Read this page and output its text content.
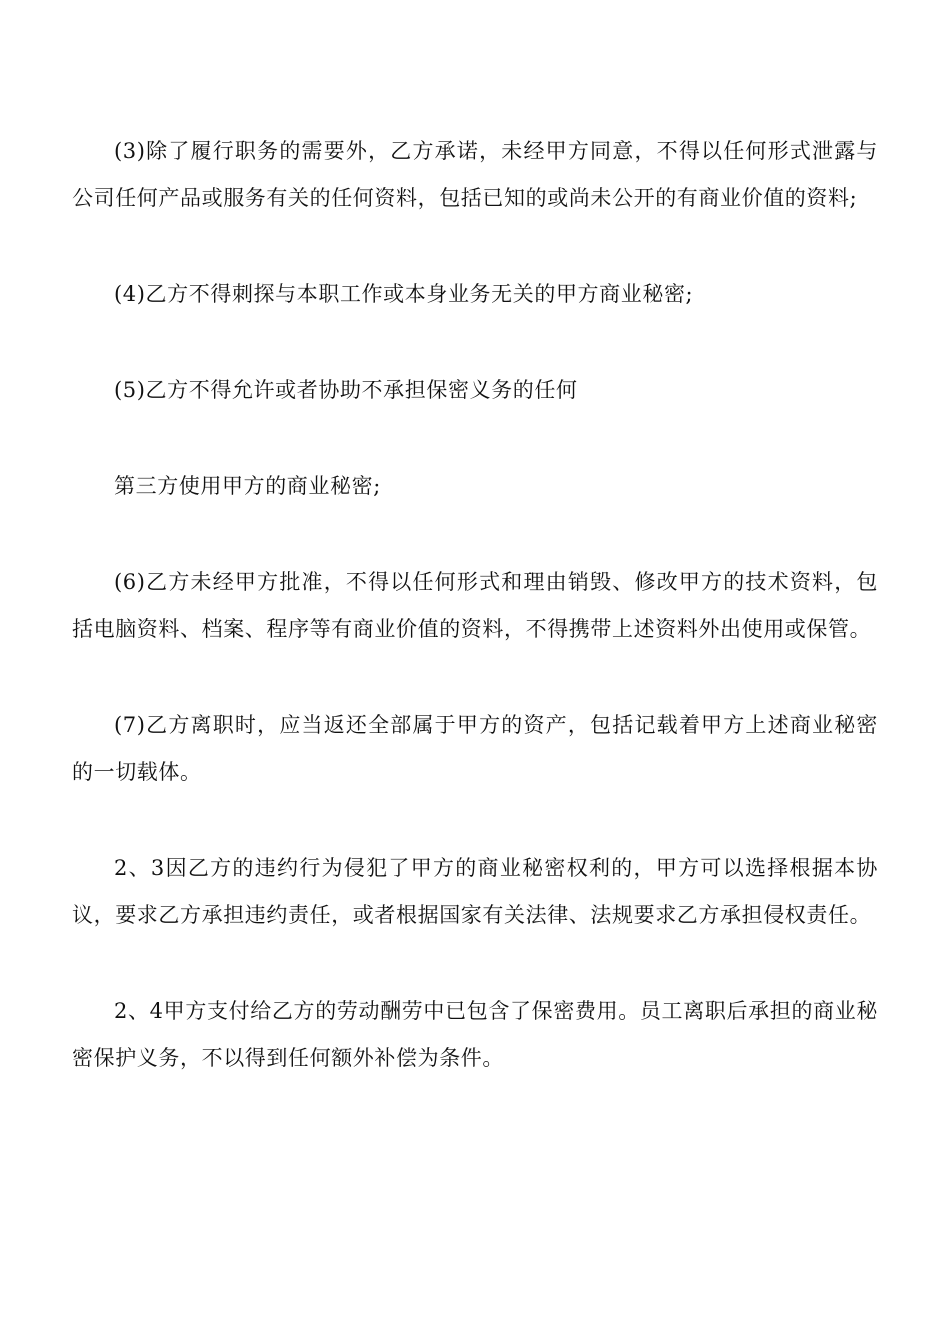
(3)除了履行职务的需要外，乙方承诺，未经甲方同意，不得以任何形式泄露与公司任何产品或服务有关的任何资料，包括已知的或尚未公开的有商业价值的资料;

(4)乙方不得刺探与本职工作或本身业务无关的甲方商业秘密;

(5)乙方不得允许或者协助不承担保密义务的任何

第三方使用甲方的商业秘密;

(6)乙方未经甲方批准，不得以任何形式和理由销毁、修改甲方的技术资料，包括电脑资料、档案、程序等有商业价值的资料，不得携带上述资料外出使用或保管。

(7)乙方离职时，应当返还全部属于甲方的资产，包括记载着甲方上述商业秘密的一切载体。

2、3因乙方的违约行为侵犯了甲方的商业秘密权利的，甲方可以选择根据本协议，要求乙方承担违约责任，或者根据国家有关法律、法规要求乙方承担侵权责任。

2、4甲方支付给乙方的劳动酬劳中已包含了保密费用。员工离职后承担的商业秘密保护义务，不以得到任何额外补偿为条件。
